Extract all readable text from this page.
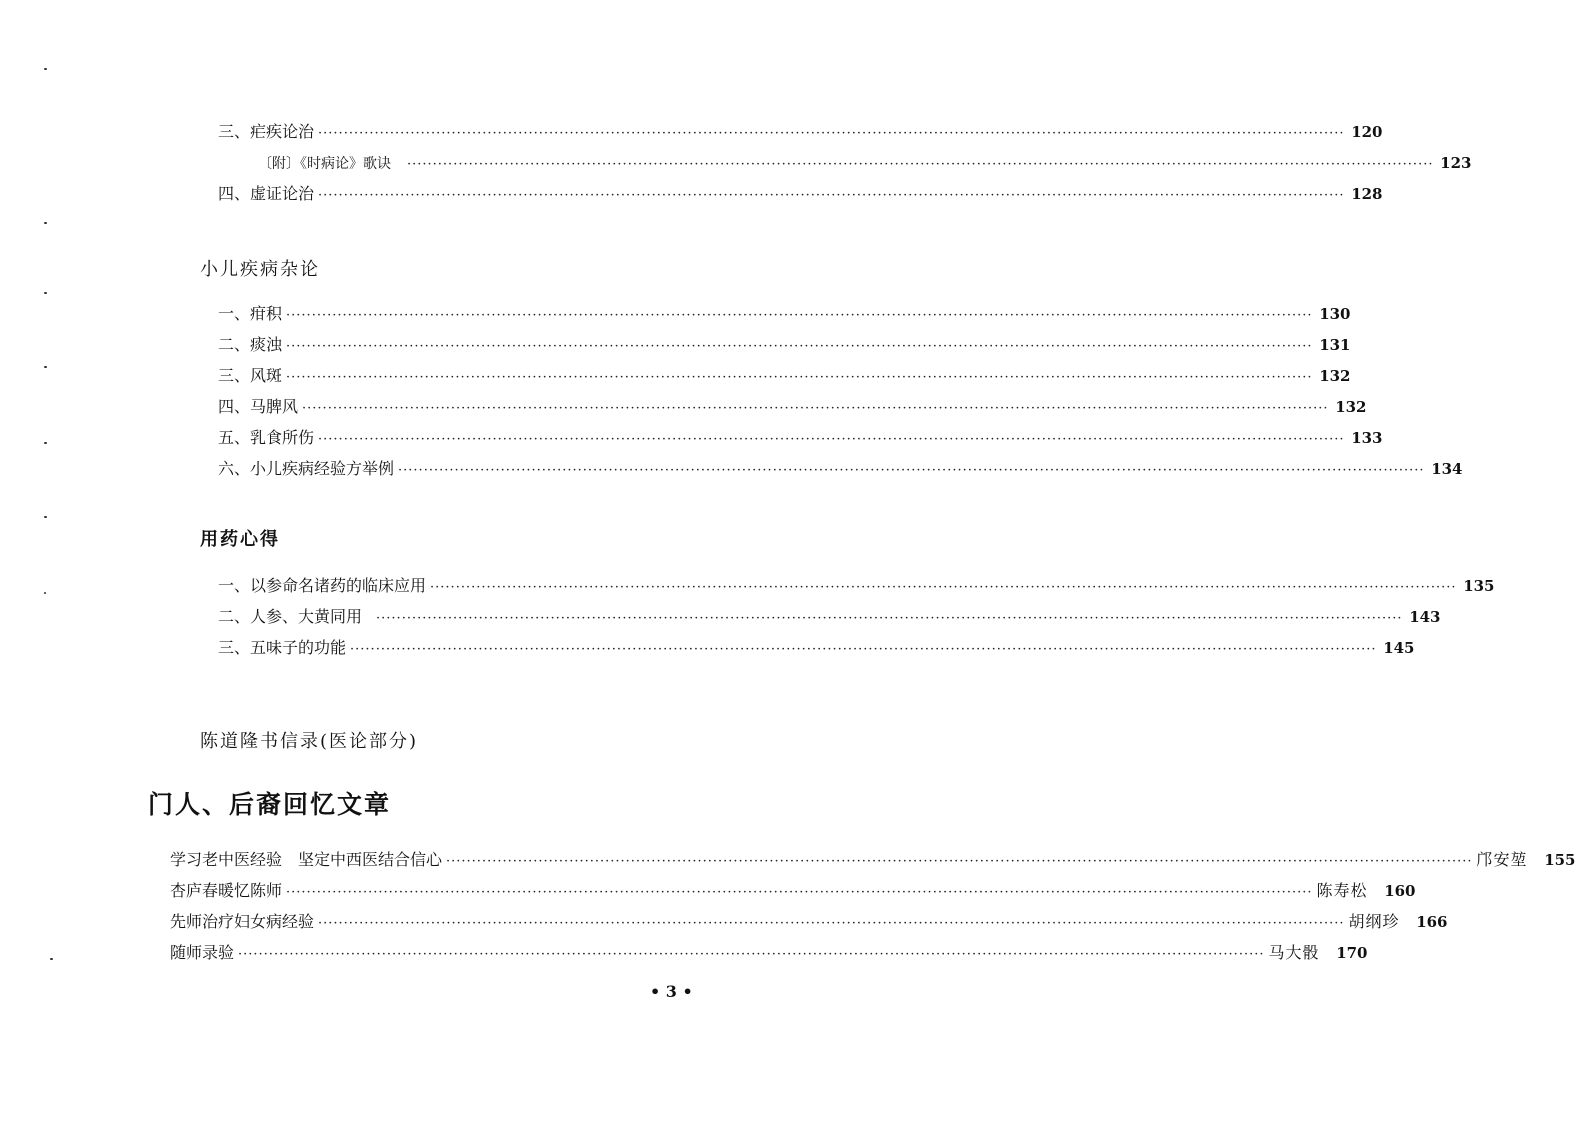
三、 疟疾论治 ········································································································································································································ 120
〔附〕《时病论》歌诀 ········································································································································································································ 123
四、 虚证论治 ········································································································································································································ 128
小儿疾病杂论
一、 疳积 ········································································································································································································ 130
二、 痰浊 ········································································································································································································ 131
三、 风斑 ········································································································································································································ 132
四、 马脾风 ········································································································································································································ 132
五、 乳食所伤 ········································································································································································································ 133
六、 小儿疾病经验方举例 ········································································································································································································ 134
用药心得
一、 以参命名诸药的临床应用 ········································································································································································································ 135
二、 人参、大黄同用 ········································································································································································································ 143
三、 五味子的功能 ········································································································································································································ 145
陈道隆书信录(医论部分)
门人、后裔回忆文章
学习老中医经验　坚定中西医结合信心 ········································································································································································································ 邝安堃 155
杏庐春暖忆陈师 ········································································································································································································ 陈寿松 160
先师治疗妇女病经验 ········································································································································································································ 胡纲珍 166
随师录验 ········································································································································································································ 马大骰 170
• 3 •
